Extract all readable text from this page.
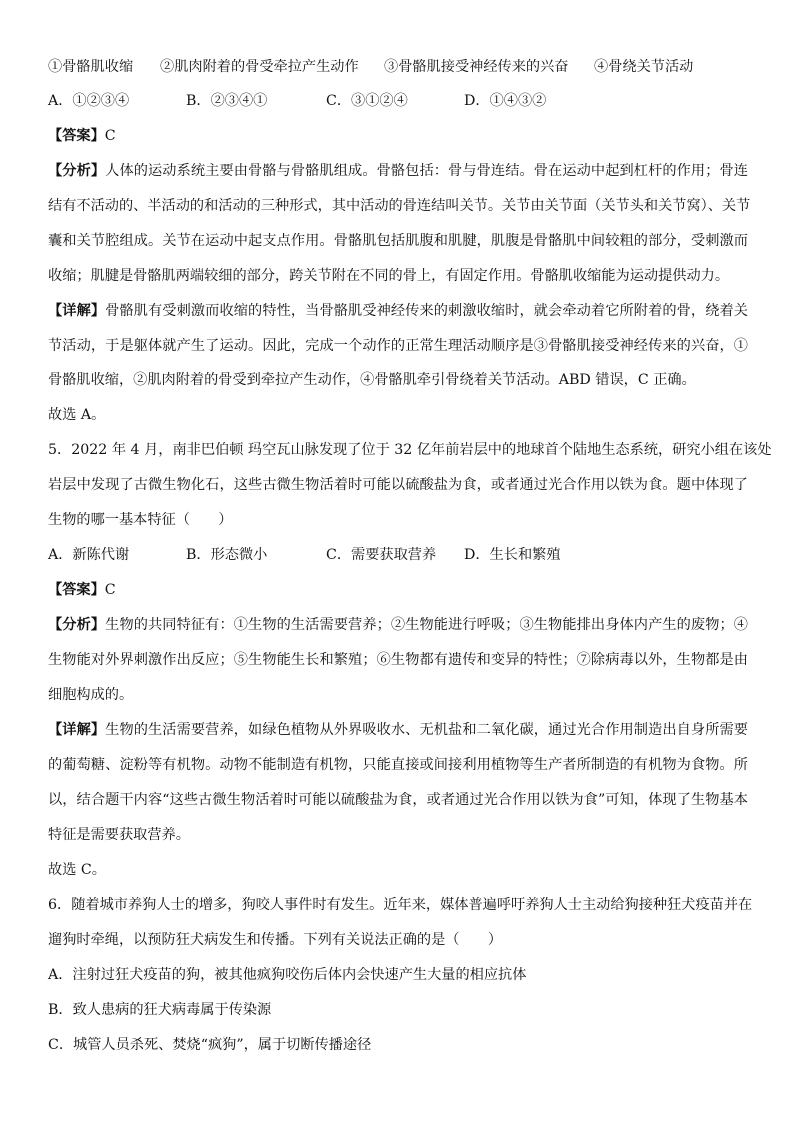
①骨骼肌收缩 ②肌肉附着的骨受牵拉产生动作 ③骨骼肌接受神经传来的兴奋 ④骨绕关节活动
A．①②③④	B．②③④①	C．③①②④	D．①④③②
【答案】C
【分析】人体的运动系统主要由骨骼与骨骼肌组成。骨骼包括：骨与骨连结。骨在运动中起到杠杆的作用；骨连
结有不活动的、半活动的和活动的三种形式，其中活动的骨连结叫关节。关节由关节面（关节头和关节窝）、关节
囊和关节腔组成。关节在运动中起支点作用。骨骼肌包括肌腹和肌腱，肌腹是骨骼肌中间较粗的部分，受刺激而
收缩；肌腱是骨骼肌两端较细的部分，跨关节附在不同的骨上，有固定作用。骨骼肌收缩能为运动提供动力。
【详解】骨骼肌有受刺激而收缩的特性，当骨骼肌受神经传来的刺激收缩时，就会牵动着它所附着的骨，绕着关
节活动，于是躯体就产生了运动。因此，完成一个动作的正常生理活动顺序是③骨骼肌接受神经传来的兴奋，①
骨骼肌收缩，②肌肉附着的骨受到牵拉产生动作，④骨骼肌牵引骨绕着关节活动。ABD 错误，C 正确。
故选 A。
5．2022 年 4 月，南非巴伯顿 玛空瓦山脉发现了位于 32 亿年前岩层中的地球首个陆地生态系统，研究小组在该处
岩层中发现了古微生物化石，这些古微生物活着时可能以硫酸盐为食，或者通过光合作用以铁为食。题中体现了
生物的哪一基本特征（　　）
A．新陈代谢	B．形态微小	C．需要获取营养 D．生长和繁殖
【答案】C
【分析】生物的共同特征有：①生物的生活需要营养；②生物能进行呼吸；③生物能排出身体内产生的废物；④
生物能对外界刺激作出反应；⑤生物能生长和繁殖；⑥生物都有遗传和变异的特性；⑦除病毒以外，生物都是由
细胞构成的。
【详解】生物的生活需要营养，如绿色植物从外界吸收水、无机盐和二氧化碳，通过光合作用制造出自身所需要
的葡萄糖、淀粉等有机物。动物不能制造有机物，只能直接或间接利用植物等生产者所制造的有机物为食物。所
以，结合题干内容“这些古微生物活着时可能以硫酸盐为食，或者通过光合作用以铁为食”可知，体现了生物基本
特征是需要获取营养。
故选 C。
6．随着城市养狗人士的增多，狗咬人事件时有发生。近年来，媒体普遍呼吁养狗人士主动给狗接种狂犬疫苗并在
遛狗时牵绳，以预防狂犬病发生和传播。下列有关说法正确的是（　　）
A．注射过狂犬疫苗的狗，被其他疯狗咬伤后体内会快速产生大量的相应抗体
B．致人患病的狂犬病毒属于传染源
C．城管人员杀死、焚烧“疯狗”，属于切断传播途径
